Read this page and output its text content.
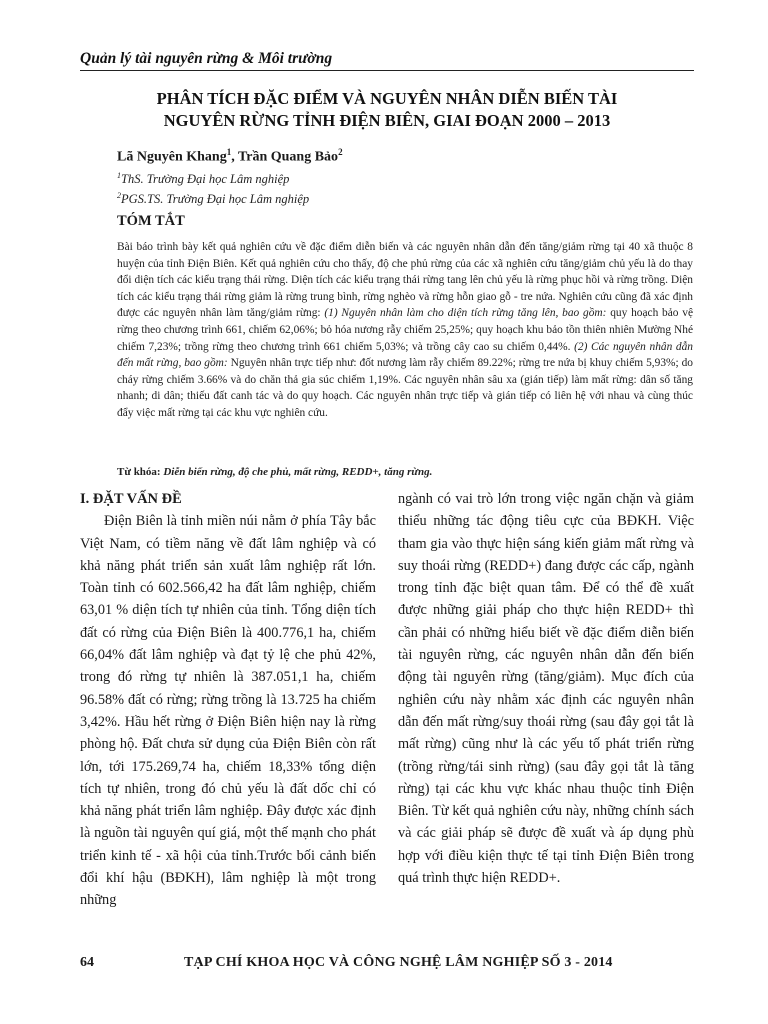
Quản lý tài nguyên rừng & Môi trường
PHÂN TÍCH ĐẶC ĐIỂM VÀ NGUYÊN NHÂN DIỄN BIẾN TÀI
NGUYÊN RỪNG TỈNH ĐIỆN BIÊN, GIAI ĐOẠN 2000 – 2013
Lã Nguyên Khang$^1$, Trần Quang Bảo$^2$
$^1$ThS. Trường Đại học Lâm nghiệp
$^2$PGS.TS. Trường Đại học Lâm nghiệp
TÓM TẮT
Bài báo trình bày kết quả nghiên cứu về đặc điểm diễn biến và các nguyên nhân dẫn đến tăng/giảm rừng tại 40 xã thuộc 8 huyện của tỉnh Điện Biên. Kết quả nghiên cứu cho thấy, độ che phủ rừng của các xã nghiên cứu tăng/giảm chủ yếu là do thay đổi diện tích các kiểu trạng thái rừng. Diện tích các kiểu trạng thái rừng tang lên chủ yếu là rừng phục hồi và rừng trồng. Diện tích các kiểu trạng thái rừng giảm là rừng trung bình, rừng nghèo và rừng hỗn giao gỗ - tre nứa. Nghiên cứu cũng đã xác định được các nguyên nhân làm tăng/giảm rừng: (1) Nguyên nhân làm cho diện tích rừng tăng lên, bao gồm: quy hoạch bảo vệ rừng theo chương trình 661, chiếm 62,06%; bỏ hóa nương rẫy chiếm 25,25%; quy hoạch khu bảo tồn thiên nhiên Mường Nhé chiếm 7,23%; trồng rừng theo chương trình 661 chiếm 5,03%; và trồng cây cao su chiếm 0,44%. (2) Các nguyên nhân dẫn đến mất rừng, bao gồm: Nguyên nhân trực tiếp như: đốt nương làm rẫy chiếm 89.22%; rừng tre nứa bị khuy chiếm 5,93%; do cháy rừng chiếm 3.66% và do chăn thả gia súc chiếm 1,19%. Các nguyên nhân sâu xa (gián tiếp) làm mất rừng: dân số tăng nhanh; di dân; thiếu đất canh tác và do quy hoạch. Các nguyên nhân trực tiếp và gián tiếp có liên hệ với nhau và cùng thúc đẩy việc mất rừng tại các khu vực nghiên cứu.
Từ khóa: Diễn biến rừng, độ che phủ, mất rừng, REDD+, tăng rừng.
I. ĐẶT VẤN ĐỀ

Điện Biên là tỉnh miền núi nằm ở phía Tây bắc Việt Nam, có tiềm năng về đất lâm nghiệp và có khả năng phát triển sản xuất lâm nghiệp rất lớn. Toàn tỉnh có 602.566,42 ha đất lâm nghiệp, chiếm 63,01 % diện tích tự nhiên của tỉnh. Tổng diện tích đất có rừng của Điện Biên là 400.776,1 ha, chiếm 66,04% đất lâm nghiệp và đạt tỷ lệ che phủ 42%, trong đó rừng tự nhiên là 387.051,1 ha, chiếm 96.58% đất có rừng; rừng trồng là 13.725 ha chiếm 3,42%. Hầu hết rừng ở Điện Biên hiện nay là rừng phòng hộ. Đất chưa sử dụng của Điện Biên còn rất lớn, tới 175.269,74 ha, chiếm 18,33% tổng diện tích tự nhiên, trong đó chủ yếu là đất dốc chỉ có khả năng phát triển lâm nghiệp. Đây được xác định là nguồn tài nguyên quí giá, một thế mạnh cho phát triển kinh tế - xã hội của tỉnh.Trước bối cảnh biến đổi khí hậu (BĐKH), lâm nghiệp là một trong những

ngành có vai trò lớn trong việc ngăn chặn và giảm thiểu những tác động tiêu cực của BĐKH. Việc tham gia vào thực hiện sáng kiến giảm mất rừng và suy thoái rừng (REDD+) đang được các cấp, ngành trong tỉnh đặc biệt quan tâm. Để có thể đề xuất được những giải pháp cho thực hiện REDD+ thì cần phải có những hiểu biết về đặc điểm diễn biến tài nguyên rừng, các nguyên nhân dẫn đến biến động tài nguyên rừng (tăng/giảm). Mục đích của nghiên cứu này nhằm xác định các nguyên nhân dẫn đến mất rừng/suy thoái rừng (sau đây gọi tắt là mất rừng) cũng như là các yếu tố phát triển rừng (trồng rừng/tái sinh rừng) (sau đây gọi tắt là tăng rừng) tại các khu vực khác nhau thuộc tỉnh Điện Biên. Từ kết quả nghiên cứu này, những chính sách và các giải pháp sẽ được đề xuất và áp dụng phù hợp với điều kiện thực tế tại tỉnh Điện Biên trong quá trình thực hiện REDD+.

64	TẠP CHÍ KHOA HỌC VÀ CÔNG NGHỆ LÂM NGHIỆP SỐ 3 - 2014
